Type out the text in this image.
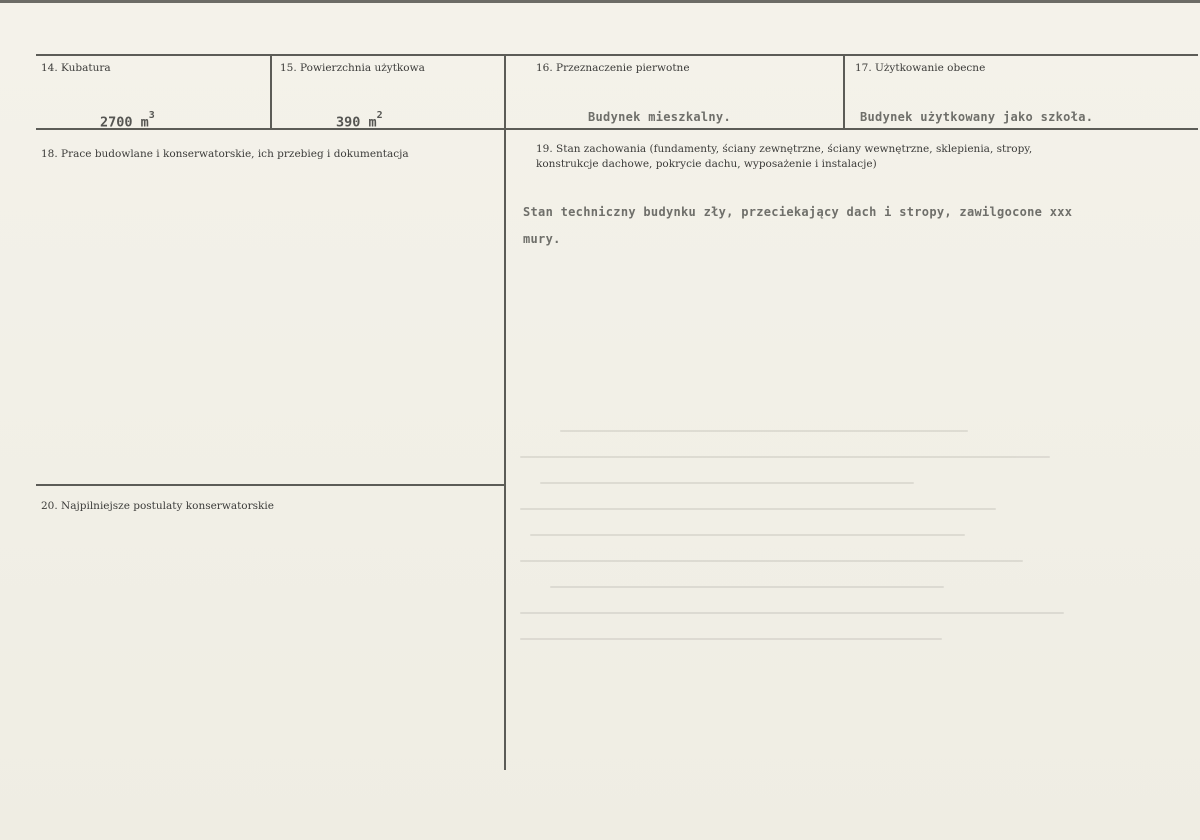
14. Kubatura
2700 $m^3$
15. Powierzchnia użytkowa
390 $m^2$
16. Przeznaczenie pierwotne
Budynek mieszkalny.
17. Użytkowanie obecne
Budynek użytkowany jako szkoła.
18. Prace budowlane i konserwatorskie, ich przebieg i dokumentacja	19. Stan zachowania (fundamenty, ściany zewnętrzne, ściany wewnętrzne, sklepienia, stropy,
konstrukcje dachowe, pokrycie dachu, wyposażenie i instalacje)
Stan techniczny budynku zły, przeciekający dach i stropy, zawilgocone xxx
mury.
20. Najpilniejsze postulaty konserwatorskie
